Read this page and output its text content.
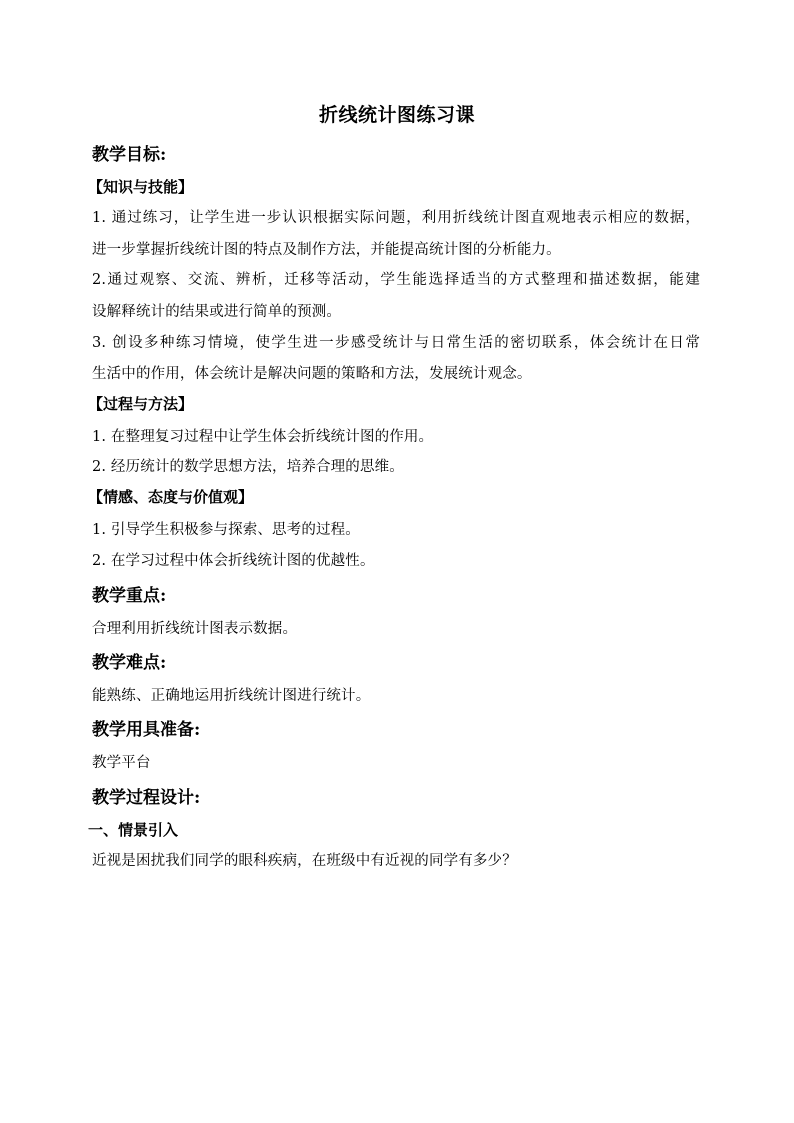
折线统计图练习课
教学目标:
【知识与技能】
1. 通过练习，让学生进一步认识根据实际问题，利用折线统计图直观地表示相应的数据，
进一步掌握折线统计图的特点及制作方法，并能提高统计图的分析能力。
2.通过观察、交流、辨析，迁移等活动，学生能选择适当的方式整理和描述数据，能建
设解释统计的结果或进行简单的预测。
3. 创设多种练习情境，使学生进一步感受统计与日常生活的密切联系，体会统计在日常
生活中的作用，体会统计是解决问题的策略和方法，发展统计观念。
【过程与方法】
1. 在整理复习过程中让学生体会折线统计图的作用。
2. 经历统计的数学思想方法，培养合理的思维。
【情感、态度与价值观】
1. 引导学生积极参与探索、思考的过程。
2. 在学习过程中体会折线统计图的优越性。
教学重点:
合理利用折线统计图表示数据。
教学难点:
能熟练、正确地运用折线统计图进行统计。
教学用具准备:
教学平台
教学过程设计:
一、情景引入
近视是困扰我们同学的眼科疾病，在班级中有近视的同学有多少？
